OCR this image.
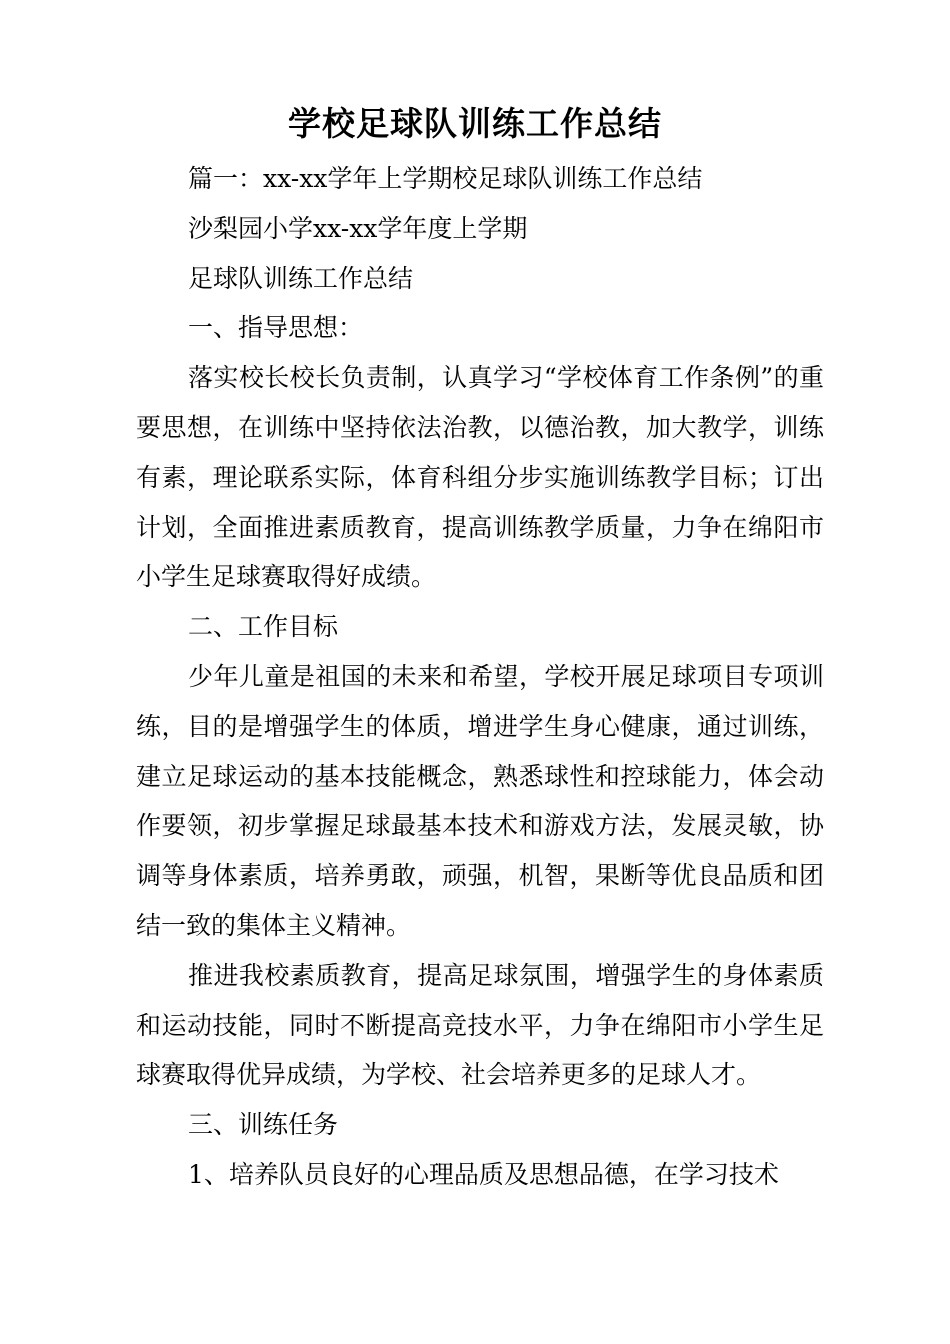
学校足球队训练工作总结

篇一：xx-xx学年上学期校足球队训练工作总结

沙梨园小学xx-xx学年度上学期

足球队训练工作总结

一、指导思想：

落实校长校长负责制，认真学习“学校体育工作条例”的重要思想，在训练中坚持依法治教，以德治教，加大教学，训练有素，理论联系实际，体育科组分步实施训练教学目标；订出计划，全面推进素质教育，提高训练教学质量，力争在绵阳市小学生足球赛取得好成绩。

二、工作目标

少年儿童是祖国的未来和希望，学校开展足球项目专项训练，目的是增强学生的体质，增进学生身心健康，通过训练，建立足球运动的基本技能概念，熟悉球性和控球能力，体会动作要领，初步掌握足球最基本技术和游戏方法，发展灵敏，协调等身体素质，培养勇敢，顽强，机智，果断等优良品质和团结一致的集体主义精神。

推进我校素质教育，提高足球氛围，增强学生的身体素质和运动技能，同时不断提高竞技水平，力争在绵阳市小学生足球赛取得优异成绩，为学校、社会培养更多的足球人才。

三、训练任务

1、培养队员良好的心理品质及思想品德，在学习技术
